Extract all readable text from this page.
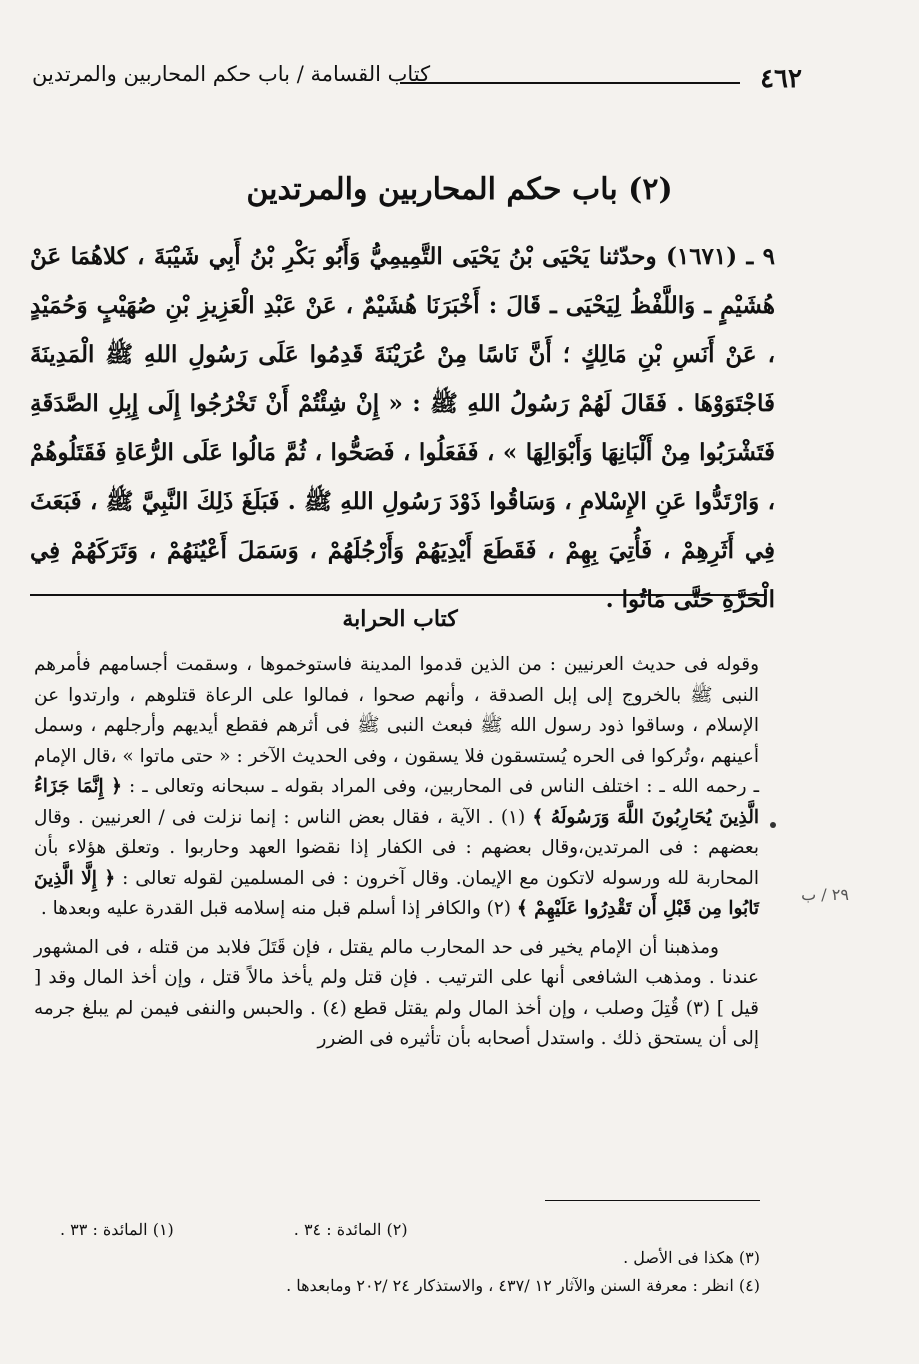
٤٦٢
كتاب القسامة / باب حكم المحاربين والمرتدين
(٢) باب حكم المحاربين والمرتدين
٩ ـ (١٦٧١) وحدّثنا يَحْيَى بْنُ يَحْيَى التَّمِيمِيُّ وَأَبُو بَكْرِ بْنُ أَبِي شَيْبَةَ ، كلاهُمَا عَنْ هُشَيْمٍ ـ وَاللَّفْظُ لِيَحْيَى ـ قَالَ : أَخْبَرَنَا هُشَيْمٌ ، عَنْ عَبْدِ الْعَزِيزِ بْنِ صُهَيْبٍ وَحُمَيْدٍ ، عَنْ أَنَسِ بْنِ مَالِكٍ ؛ أَنَّ نَاسًا مِنْ عُرَيْنَةَ قَدِمُوا عَلَى رَسُولِ اللهِ ﷺ الْمَدِينَةَ فَاجْتَوَوْهَا . فَقَالَ لَهُمْ رَسُولُ اللهِ ﷺ : « إِنْ شِئْتُمْ أَنْ تَخْرُجُوا إِلَى إِبِلِ الصَّدَقَةِ فَتَشْرَبُوا مِنْ أَلْبَانِهَا وَأَبْوَالِهَا » ، فَفَعَلُوا ، فَصَحُّوا ، ثُمَّ مَالُوا عَلَى الرُّعَاةِ فَقَتَلُوهُمْ ، وَارْتَدُّوا عَنِ الإِسْلامِ ، وَسَاقُوا ذَوْدَ رَسُولِ اللهِ ﷺ . فَبَلَغَ ذَلِكَ النَّبِيَّ ﷺ ، فَبَعَثَ فِي أَثَرِهِمْ ، فَأُتِيَ بِهِمْ ، فَقَطَعَ أَيْدِيَهُمْ وَأَرْجُلَهُمْ ، وَسَمَلَ أَعْيُنَهُمْ ، وَتَرَكَهُمْ فِي الْحَرَّةِ حَتَّى مَاتُوا .
كتاب الحرابة
٢٩ / ب

وقوله فى حديث العرنيين : من الذين قدموا المدينة فاستوخموها ، وسقمت أجسامهم فأمرهم النبى ﷺ بالخروج إلى إبل الصدقة ، وأنهم صحوا ، فمالوا على الرعاة قتلوهم ، وارتدوا عن الإسلام ، وساقوا ذود رسول الله ﷺ فبعث النبى ﷺ فى أثرهم فقطع أيديهم وأرجلهم ، وسمل أعينهم ،وتُركوا فى الحره يُستسقون فلا يسقون ، وفى الحديث الآخر : « حتى ماتوا » ،قال الإمام ـ رحمه الله ـ : اختلف الناس فى المحاربين، وفى المراد بقوله ـ سبحانه وتعالى ـ : ﴿ إِنَّمَا جَزَاءُ الَّذِينَ يُحَارِبُونَ اللَّهَ وَرَسُولَهُ ﴾ (١) . الآية ، فقال بعض الناس : إنما نزلت فى / العرنيين . وقال بعضهم : فى المرتدين،وقال بعضهم : فى الكفار إذا نقضوا العهد وحاربوا . وتعلق هؤلاء بأن المحاربة لله ورسوله لاتكون مع الإيمان. وقال آخرون : فى المسلمين لقوله تعالى : ﴿ إِلَّا الَّذِينَ تَابُوا مِن قَبْلِ أَن تَقْدِرُوا عَلَيْهِمْ ﴾ (٢) والكافر إذا أسلم قبل منه إسلامه قبل القدرة عليه وبعدها .

ومذهبنا أن الإمام يخير فى حد المحارب مالم يقتل ، فإن قَتَلَ فلابد من قتله ، فى المشهور عندنا . ومذهب الشافعى أنها على الترتيب . فإن قتل ولم يأخذ مالاً قتل ، وإن أخذ المال وقد [ قيل ] (٣) قُتِلَ وصلب ، وإن أخذ المال ولم يقتل قطع (٤) . والحبس والنفى فيمن لم يبلغ جرمه إلى أن يستحق ذلك . واستدل أصحابه بأن تأثيره فى الضرر

(٢) المائدة : ٣٤ .
(١) المائدة : ٣٣ .
(٣) هكذا فى الأصل .
(٤) انظر : معرفة السنن والآثار ١٢ /٤٣٧ ، والاستذكار ٢٤ /٢٠٢ ومابعدها .
